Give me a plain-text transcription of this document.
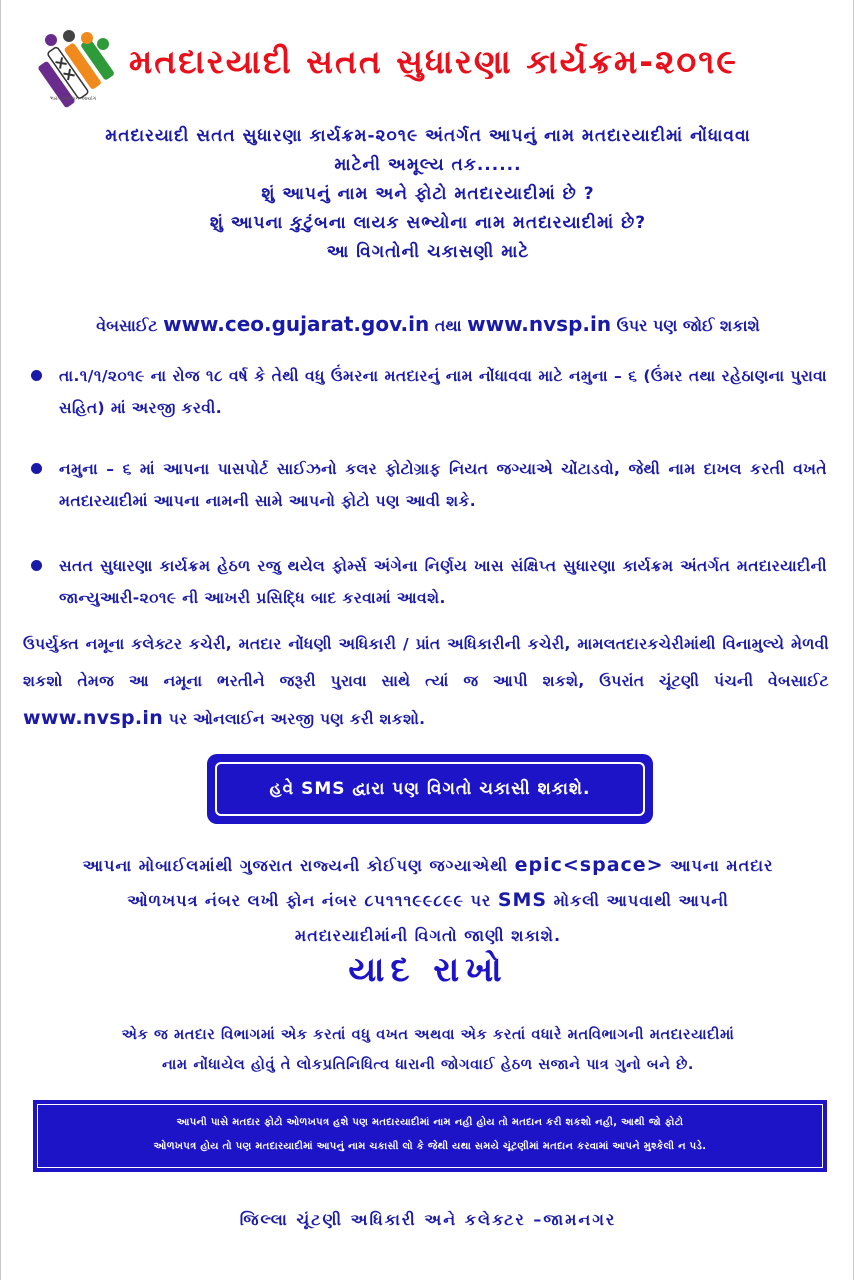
ભારત નિર્વાચન આયોગ
મતદારયાદી સતત સુધારણા કાર્યક્રમ-૨૦૧૯
મતદારયાદી સતત સુધારણા કાર્યક્રમ-૨૦૧૯ અંતર્ગત આપનું નામ મતદારયાદીમાં નોંધાવવા
માટેની અમૂલ્ય તક......
શું આપનું નામ અને ફોટો મતદારયાદીમાં છે ?
શું આપના કુટુંબના લાયક સભ્યોના નામ મતદારયાદીમાં છે?
આ વિગતોની ચકાસણી માટે
વેબસાઈટ www.ceo.gujarat.gov.in તથા www.nvsp.in ઉપર પણ જોઈ શકાશે
તા.૧/૧/૨૦૧૯ ના રોજ ૧૮ વર્ષ કે તેથી વધુ ઉંમરના મતદારનું નામ નોંધાવવા માટે નમુના – ૬ (ઉંમર તથા રહેઠાણના પુરાવા સહિત) માં અરજી કરવી.
નમુના – ૬ માં આપના પાસપોર્ટ સાઈઝનો કલર ફોટોગ્રાફ નિયત જગ્યાએ ચોંટાડવો, જેથી નામ દાખલ કરતી વખતે મતદારયાદીમાં આપના નામની સામે આપનો ફોટો પણ આવી શકે.
સતત સુધારણા કાર્યક્રમ હેઠળ રજુ થયેલ ફોર્મ્સ અંગેના નિર્ણય ખાસ સંક્ષિપ્ત સુધારણા કાર્યક્રમ અંતર્ગત મતદારયાદીની જાન્યુઆરી-૨૦૧૯ ની આખરી પ્રસિદ્ધિ બાદ કરવામાં આવશે.
ઉપર્યુક્ત નમૂના કલેક્ટર કચેરી, મતદાર નોંધણી અધિકારી / પ્રાંત અધિકારીની કચેરી, મામલતદારકચેરીમાંથી વિનામુલ્યે મેળવી શકશો તેમજ આ નમૂના ભરતીને જરૂરી પુરાવા સાથે ત્યાં જ આપી શકશે, ઉપરાંત ચૂંટણી પંચની વેબસાઈટ www.nvsp.in પર ઓનલાઈન અરજી પણ કરી શકશો.
હવે SMS દ્વારા પણ વિગતો ચકાસી શકાશે.
આપના મોબાઈલમાંથી ગુજરાત રાજ્યની કોઈપણ જગ્યાએથી epic<space> આપના મતદાર
ઓળખપત્ર નંબર લખી ફોન નંબર ૮૫૧૧૧૯૯૮૯૯ પર SMS મોકલી આપવાથી આપની
મતદારયાદીમાંની વિગતો જાણી શકાશે.
યાદ રાખો
એક જ મતદાર વિભાગમાં એક કરતાં વધુ વખત અથવા એક કરતાં વધારે મતવિભાગની મતદારયાદીમાં
નામ નોંધાયેલ હોવું તે લોકપ્રતિનિધિત્વ ધારાની જોગવાઈ હેઠળ સજાને પાત્ર ગુનો બને છે.
આપની પાસે મતદાર ફોટો ઓળખપત્ર હશે પણ મતદારયાદીમાં નામ નહી હોય તો મતદાન કરી શકશો નહી, આથી જો ફોટો
ઓળખપત્ર હોય તો પણ મતદારયાદીમાં આપનું નામ ચકાસી લો કે જેથી યથા સમયે ચૂંટણીમાં મતદાન કરવામાં આપને મુશ્કેલી ન પડે.
જિલ્લા ચૂંટણી અધિકારી અને કલેક્ટર –જામનગર
